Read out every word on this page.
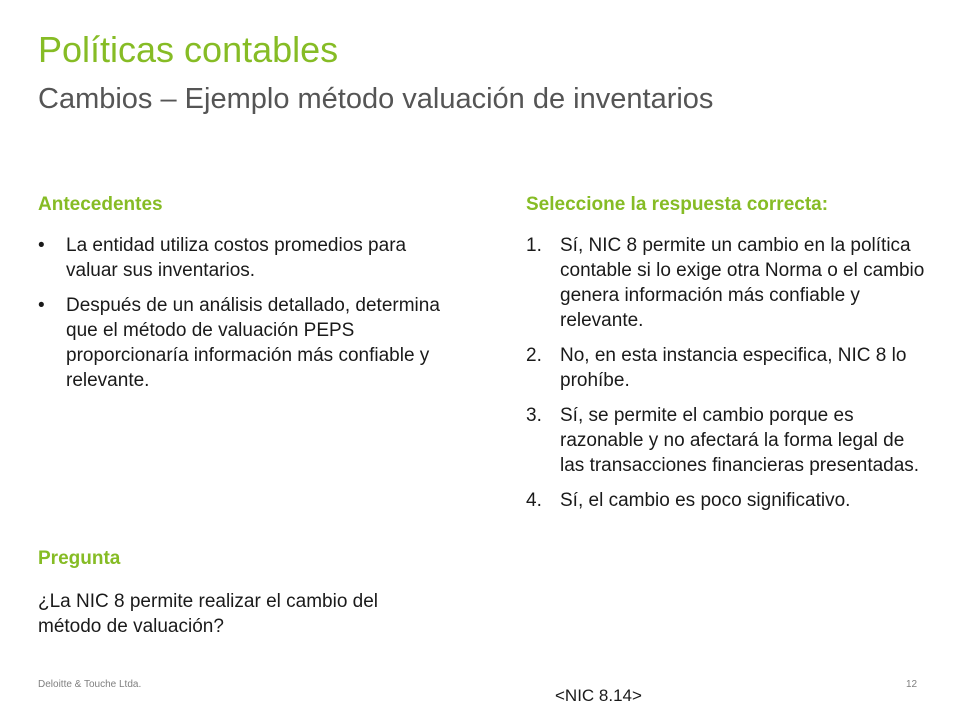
Políticas contables
Cambios – Ejemplo método valuación de inventarios
Antecedentes
• La entidad utiliza costos promedios para valuar sus inventarios.
• Después de un análisis detallado, determina que el método de valuación PEPS proporcionaría información más confiable y relevante.
Pregunta
¿La NIC 8 permite realizar el cambio del método de valuación?
Seleccione la respuesta correcta:
1. Sí, NIC 8 permite un cambio en la política contable si lo exige otra Norma o el cambio genera información más confiable y relevante.
2. No, en esta instancia especifica, NIC 8 lo prohíbe.
3. Sí, se permite el cambio porque es razonable y no afectará la forma legal de las transacciones financieras presentadas.
4. Sí, el cambio es poco significativo.
Deloitte & Touche Ltda.	12
<NIC 8.14>
